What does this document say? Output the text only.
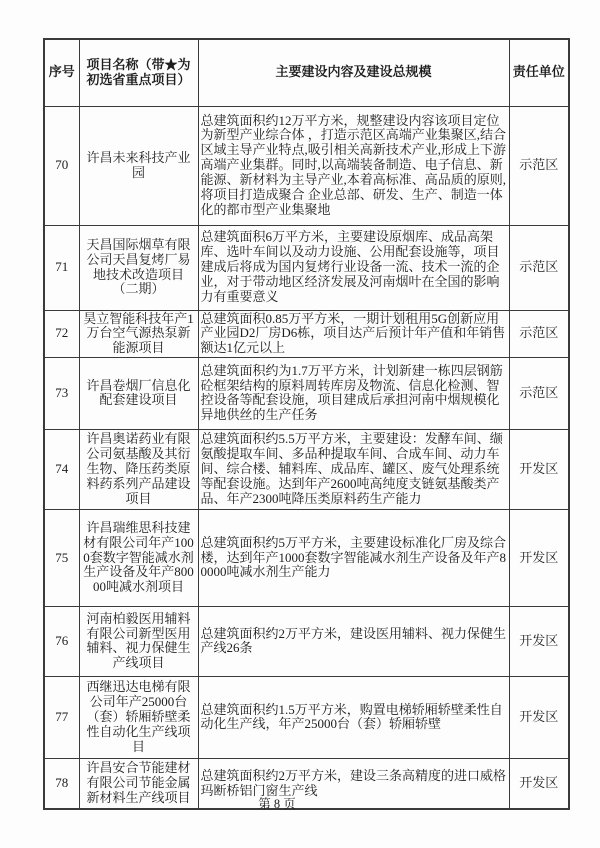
序号	项目名称（带★为初选省重点项目）	主要建设内容及建设总规模	责任单位
70	许昌未来科技产业园	总建筑面积约12万平方米，规整建设内容该项目定位为新型产业综合体 ，打造示范区高端产业集聚区,结合区域主导产业特点,吸引相关高新技术产业,形成上下游高端产业集群。同时,以高端装备制造、电子信息、新能源、新材料为主导产业,本着高标准、高品质的原则,将项目打造成聚合 企业总部、研发、生产、制造一体化的都市型产业集聚地	示范区
71	天昌国际烟草有限公司天昌复烤厂易地技术改造项目（二期）	总建筑面积6万平方米，主要建设原烟库、成品高架库、选叶车间以及动力设施、公用配套设施等，项目建成后将成为国内复烤行业设备一流、技术一流的企业，对于带动地区经济发展及河南烟叶在全国的影响力有重要意义	示范区
72	昊立智能科技年产1万台空气源热泵新能源项目	总建筑面积0.85万平方米，一期计划租用5G创新应用产业园D2厂房D6栋，项目达产后预计年产值和年销售额达1亿元以上	示范区
73	许昌卷烟厂信息化配套建设项目	总建筑面积约为1.7万平方米，计划新建一栋四层钢筋砼框架结构的原料周转库房及物流、信息化检测、智控设备等配套设施，项目建成后承担河南中烟规模化异地供丝的生产任务	示范区
74	许昌奥诺药业有限公司氨基酸及其衍生物、降压药类原料药系列产品建设项目	总建筑面积约5.5万平方米，主要建设：发酵车间、缬氨酸提取车间、多品种提取车间、合成车间、动力车间、综合楼、辅料库、成品库、罐区、废气处理系统等配套设施。达到年产2600吨高纯度支链氨基酸类产品、年产2300吨降压类原料药生产能力	开发区
75	许昌瑞维思科技建材有限公司年产1000套数字智能减水剂生产设备及年产80000吨减水剂项目	总建筑面积约5万平方米，主要建设标准化厂房及综合楼，达到年产1000套数字智能减水剂生产设备及年产80000吨减水剂生产能力	开发区
76	河南柏毅医用辅料有限公司新型医用辅料、视力保健生产线项目	总建筑面积约2万平方米，建设医用辅料、视力保健生产线26条	开发区
77	西继迅达电梯有限公司年产25000台（套）轿厢轿壁柔性自动化生产线项目	总建筑面积约1.5万平方米，购置电梯轿厢轿壁柔性自动化生产线，年产25000台（套）轿厢轿壁	开发区
78	许昌安合节能建材有限公司节能金属新材料生产线项目	总建筑面积约2万平方米，建设三条高精度的进口威格玛断桥铝门窗生产线	开发区
第 8 页
